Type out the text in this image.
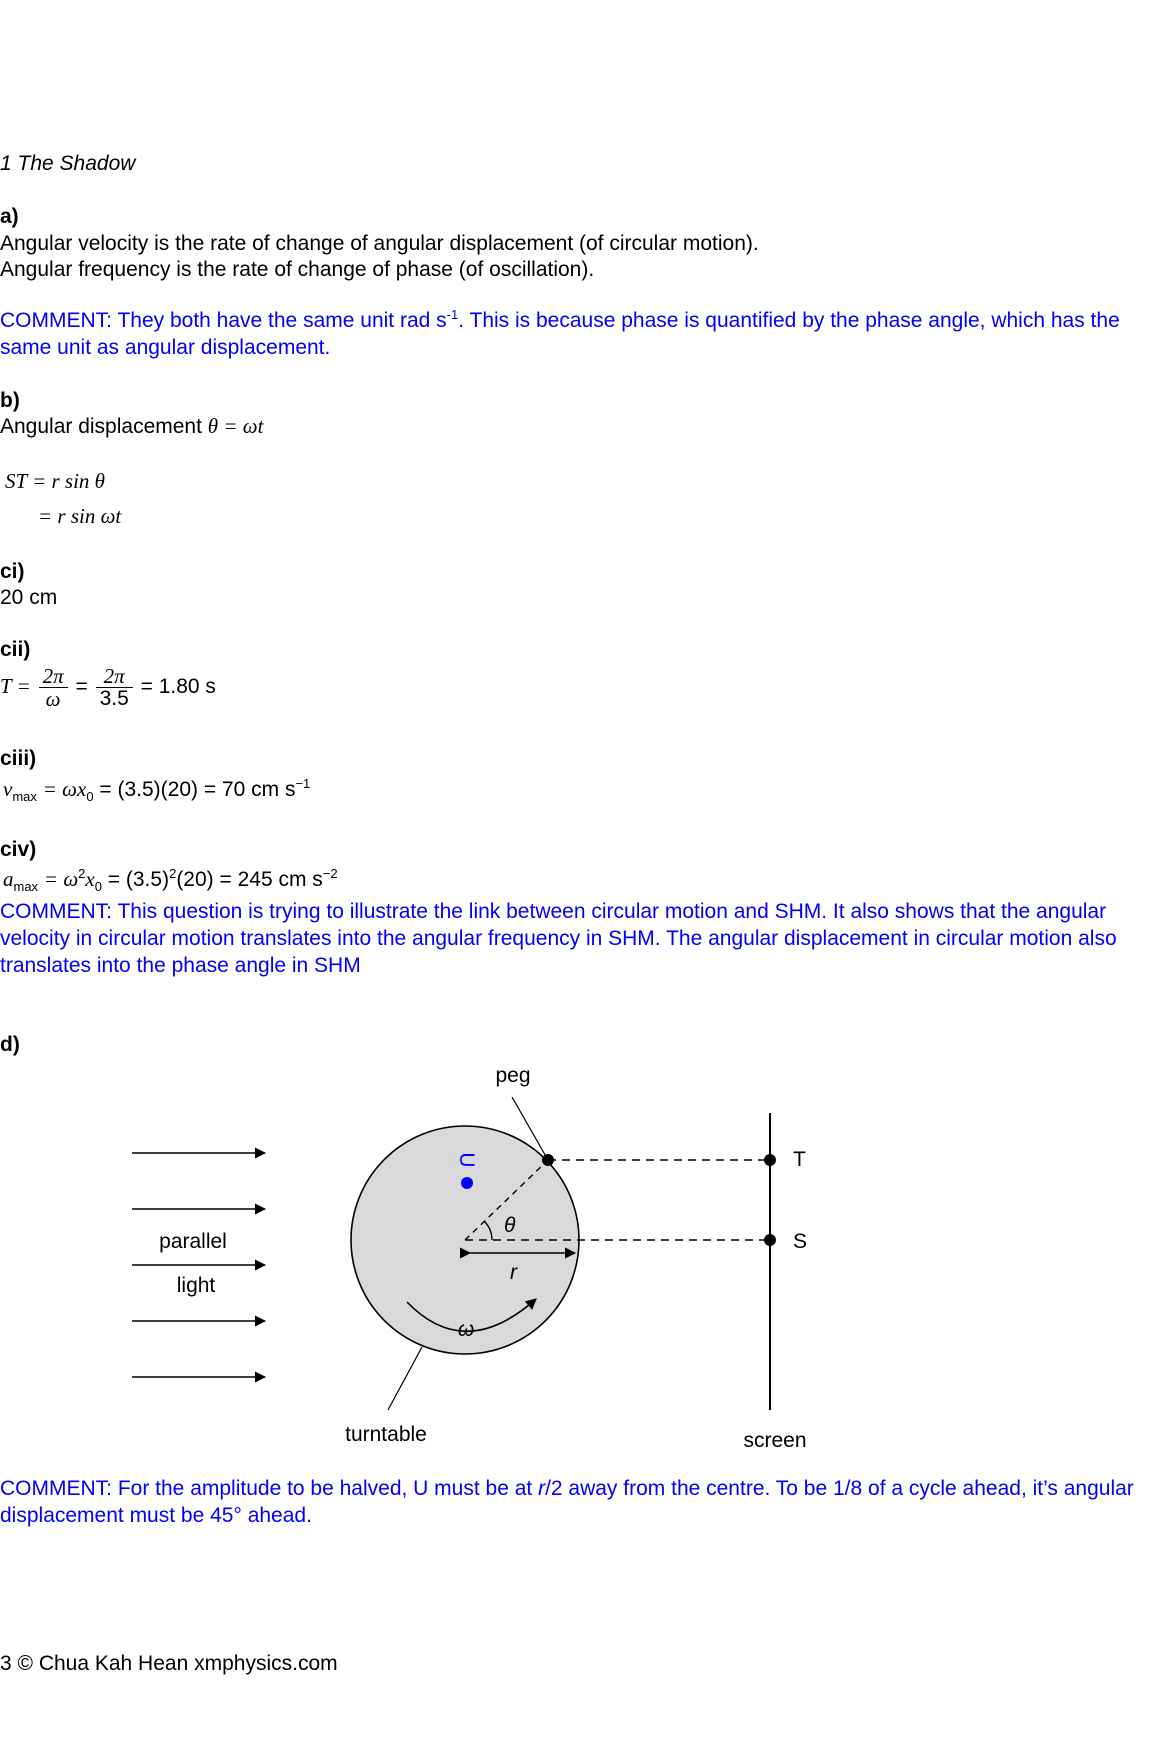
1 The Shadow
a)
Angular velocity is the rate of change of angular displacement (of circular motion).
Angular frequency is the rate of change of phase (of oscillation).
COMMENT: They both have the same unit rad $s^{-1}$. This is because phase is quantified by the phase angle, which has the same unit as angular displacement.
b)
Angular displacement θ = ωt
ST = r sin θ
= r sin ωt
ci)
20 cm
cii)
$T = \frac{2\pi}{\omega} = \frac{2\pi}{3.5} = 1.80$ s
ciii)
$v_{max} = \omega x_0 = (3.5)(20) = 70$ cm $s^{-1}$
civ)
$a_{max} = \omega^2x_0 = (3.5)^2(20) = 245$ cm $s^{-2}$
COMMENT: This question is trying to illustrate the link between circular motion and SHM. It also shows that the angular velocity in circular motion translates into the angular frequency in SHM. The angular displacement in circular motion also translates into the phase angle in SHM
d)
parallel
light
θ
r
peg
U
ω
turntable
T
S
screen
COMMENT: For the amplitude to be halved, U must be at r/2 away from the centre. To be 1/8 of a cycle ahead, it’s angular displacement must be 45° ahead.
3 © Chua Kah Hean xmphysics.com
